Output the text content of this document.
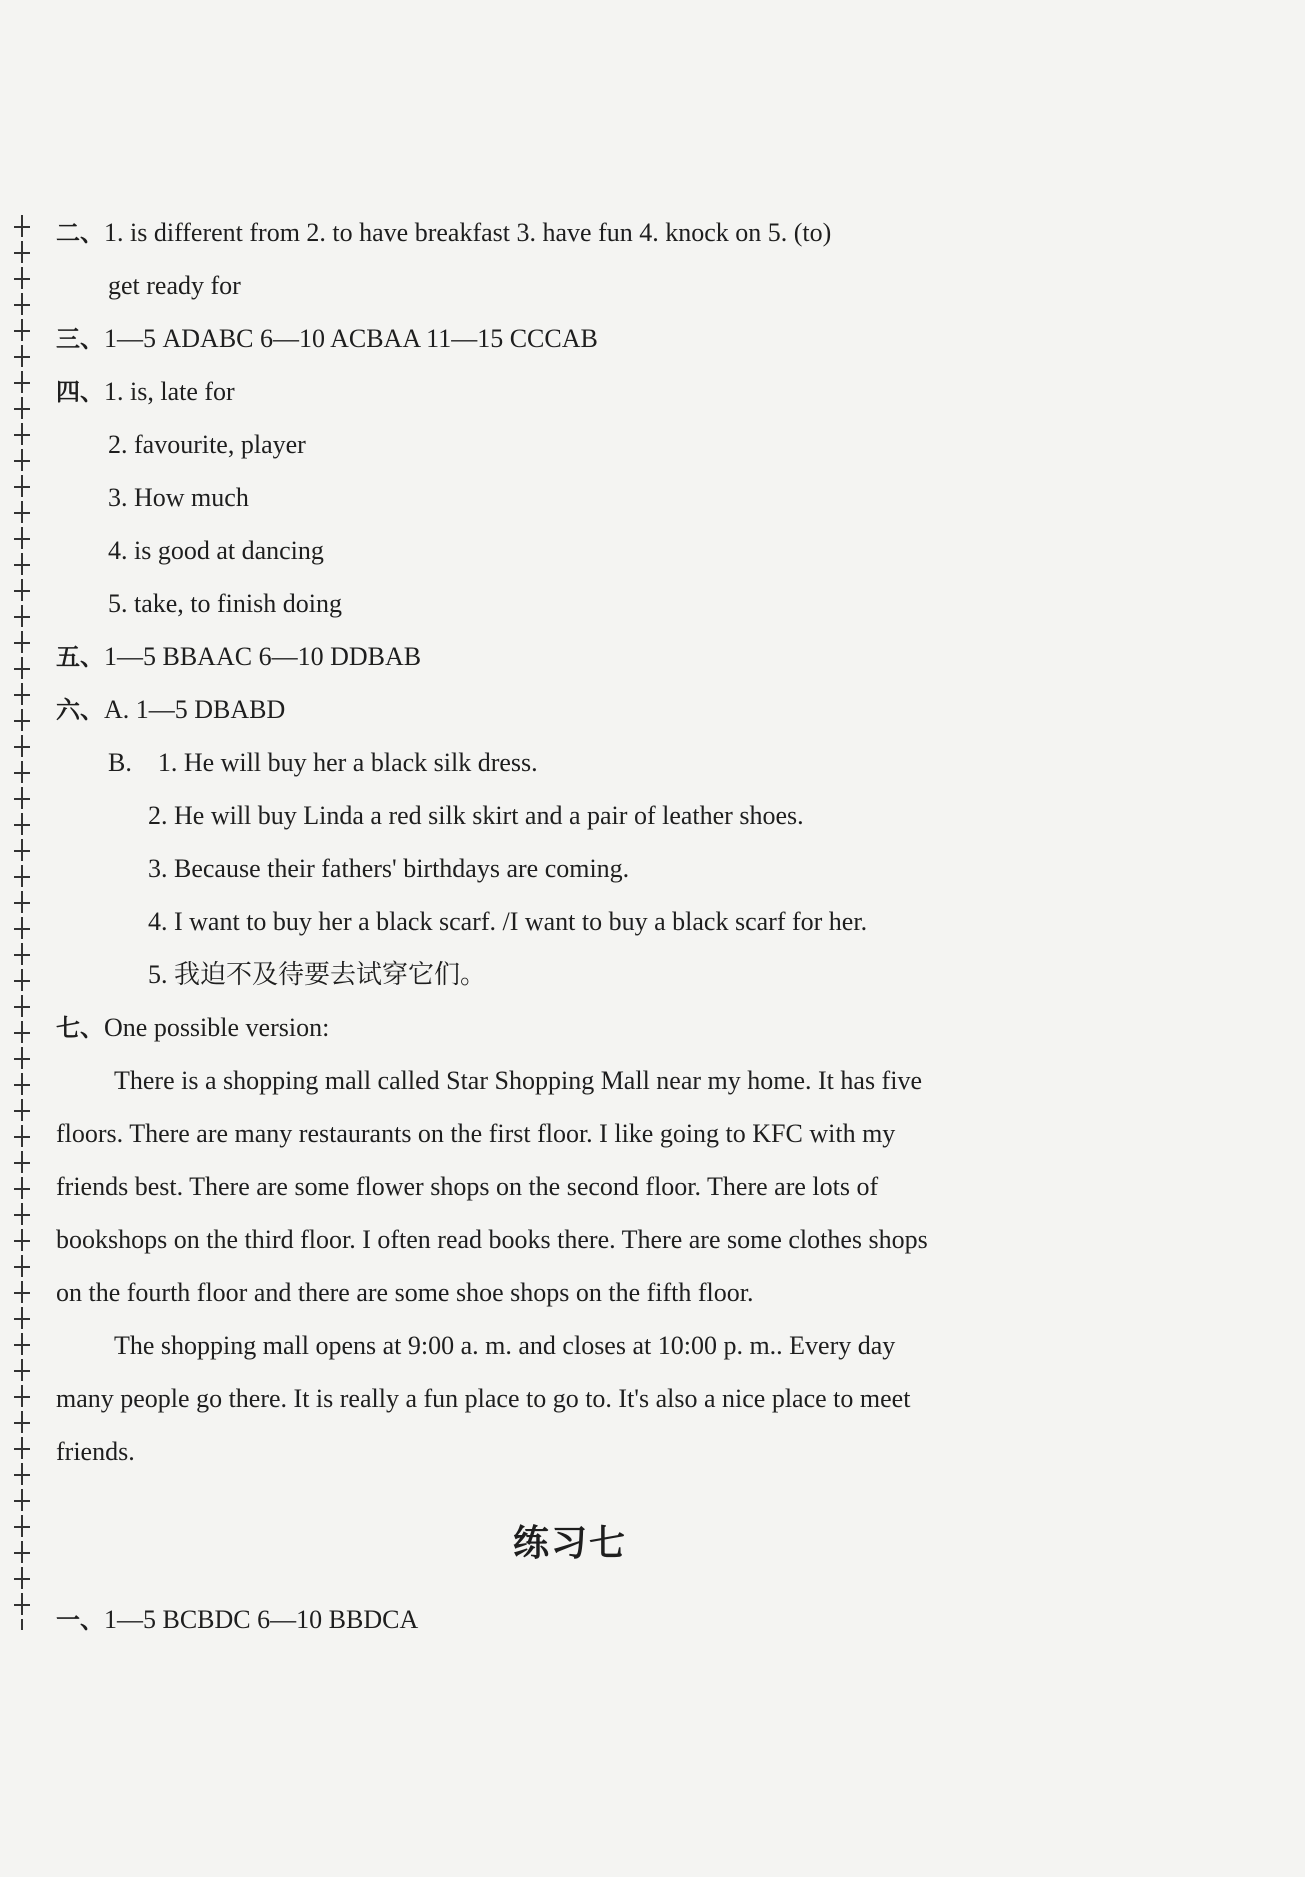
二、1. is different from 2. to have breakfast 3. have fun 4. knock on 5. (to)
get ready for
三、1—5 ADABC 6—10 ACBAA 11—15 CCCAB
四、1. is, late for
2. favourite, player
3. How much
4. is good at dancing
5. take, to finish doing
五、1—5 BBAAC 6—10 DDBAB
六、A. 1—5 DBABD
B. 1. He will buy her a black silk dress.
2. He will buy Linda a red silk skirt and a pair of leather shoes.
3. Because their fathers' birthdays are coming.
4. I want to buy her a black scarf. /I want to buy a black scarf for her.
5. 我迫不及待要去试穿它们。
七、One possible version:
There is a shopping mall called Star Shopping Mall near my home. It has five
floors. There are many restaurants on the first floor. I like going to KFC with my
friends best. There are some flower shops on the second floor. There are lots of
bookshops on the third floor. I often read books there. There are some clothes shops
on the fourth floor and there are some shoe shops on the fifth floor.
The shopping mall opens at 9:00 a. m. and closes at 10:00 p. m.. Every day
many people go there. It is really a fun place to go to. It's also a nice place to meet
friends.
练习七
一、1—5 BCBDC 6—10 BBDCA
